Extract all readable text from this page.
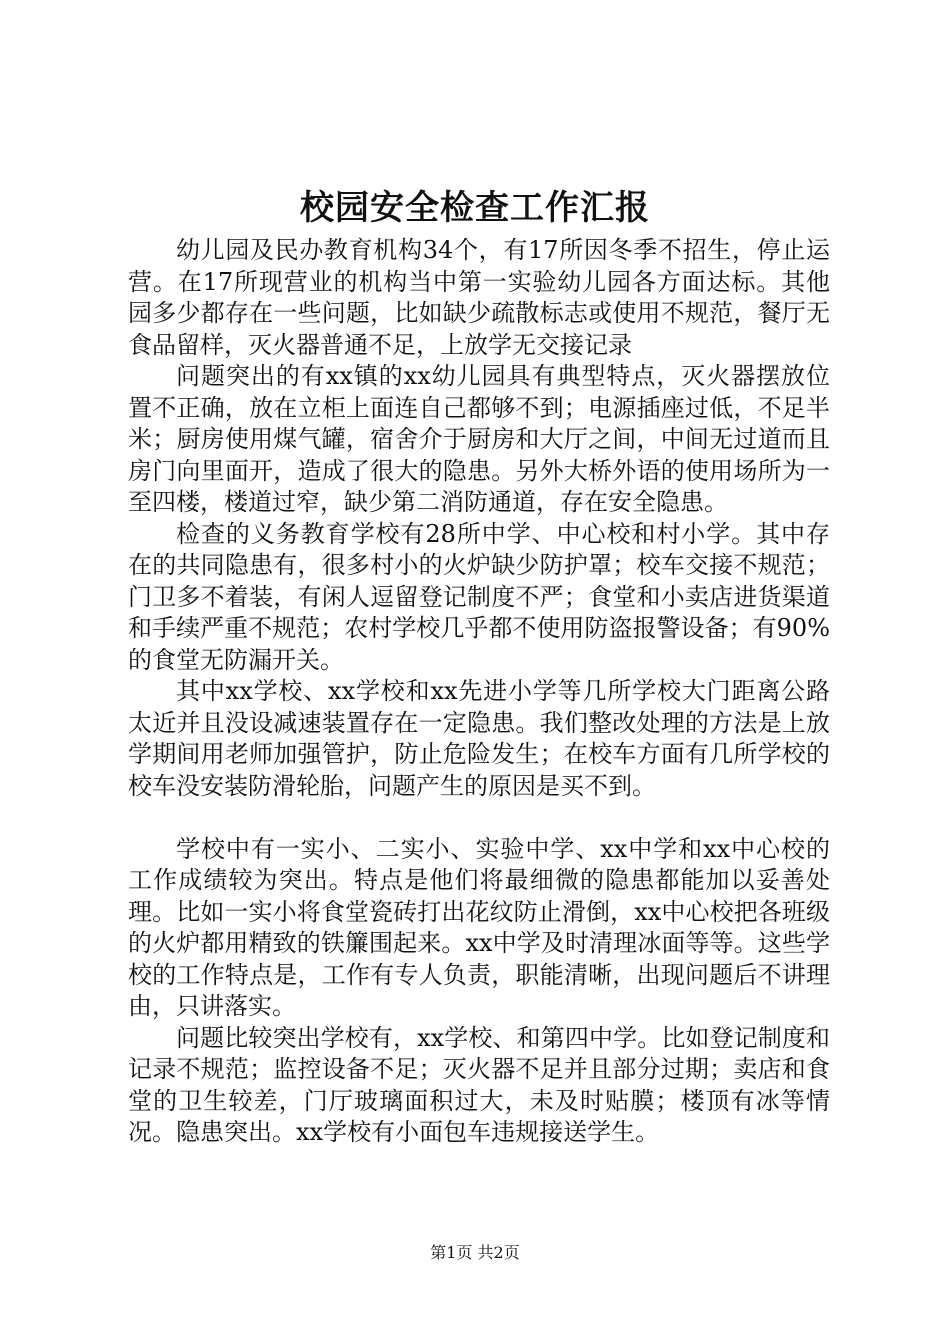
校园安全检查工作汇报

幼儿园及民办教育机构34个，有17所因冬季不招生，停止运营。在17所现营业的机构当中第一实验幼儿园各方面达标。其他园多少都存在一些问题，比如缺少疏散标志或使用不规范，餐厅无食品留样，灭火器普通不足，上放学无交接记录

问题突出的有xx镇的xx幼儿园具有典型特点，灭火器摆放位置不正确，放在立柜上面连自己都够不到；电源插座过低，不足半米；厨房使用煤气罐，宿舍介于厨房和大厅之间，中间无过道而且房门向里面开，造成了很大的隐患。另外大桥外语的使用场所为一至四楼，楼道过窄，缺少第二消防通道，存在安全隐患。

检查的义务教育学校有28所中学、中心校和村小学。其中存在的共同隐患有，很多村小的火炉缺少防护罩；校车交接不规范；门卫多不着装，有闲人逗留登记制度不严；食堂和小卖店进货渠道和手续严重不规范；农村学校几乎都不使用防盗报警设备；有90%的食堂无防漏开关。

其中xx学校、xx学校和xx先进小学等几所学校大门距离公路太近并且没设减速装置存在一定隐患。我们整改处理的方法是上放学期间用老师加强管护，防止危险发生；在校车方面有几所学校的校车没安装防滑轮胎，问题产生的原因是买不到。

学校中有一实小、二实小、实验中学、xx中学和xx中心校的工作成绩较为突出。特点是他们将最细微的隐患都能加以妥善处理。比如一实小将食堂瓷砖打出花纹防止滑倒，xx中心校把各班级的火炉都用精致的铁簾围起来。xx中学及时清理冰面等等。这些学校的工作特点是，工作有专人负责，职能清晰，出现问题后不讲理由，只讲落实。

问题比较突出学校有，xx学校、和第四中学。比如登记制度和记录不规范；监控设备不足；灭火器不足并且部分过期；卖店和食堂的卫生较差，门厅玻璃面积过大，未及时贴膜；楼顶有冰等情况。隐患突出。xx学校有小面包车违规接送学生。

第1页 共2页
